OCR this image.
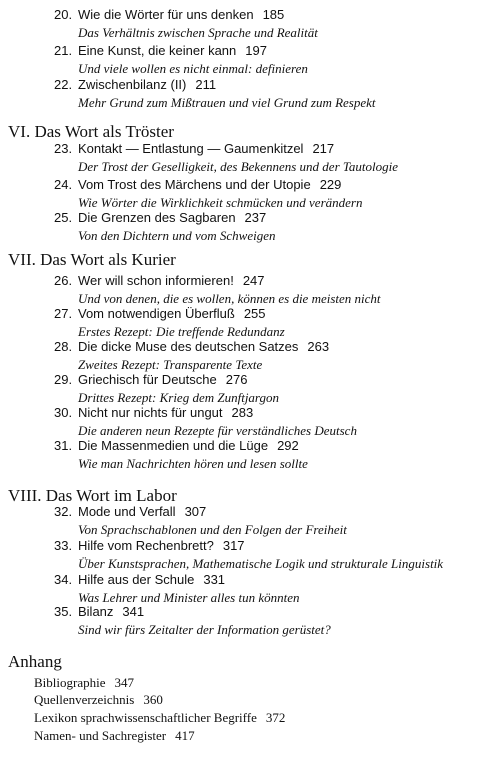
20. Wie die Wörter für uns denken 185
Das Verhältnis zwischen Sprache und Realität
21. Eine Kunst, die keiner kann 197
Und viele wollen es nicht einmal: definieren
22. Zwischenbilanz (II) 211
Mehr Grund zum Mißtrauen und viel Grund zum Respekt
VI. Das Wort als Tröster
23. Kontakt — Entlastung — Gaumenkitzel 217
Der Trost der Geselligkeit, des Bekennens und der Tautologie
24. Vom Trost des Märchens und der Utopie 229
Wie Wörter die Wirklichkeit schmücken und verändern
25. Die Grenzen des Sagbaren 237
Von den Dichtern und vom Schweigen
VII. Das Wort als Kurier
26. Wer will schon informieren! 247
Und von denen, die es wollen, können es die meisten nicht
27. Vom notwendigen Überfluß 255
Erstes Rezept: Die treffende Redundanz
28. Die dicke Muse des deutschen Satzes 263
Zweites Rezept: Transparente Texte
29. Griechisch für Deutsche 276
Drittes Rezept: Krieg dem Zunftjargon
30. Nicht nur nichts für ungut 283
Die anderen neun Rezepte für verständliches Deutsch
31. Die Massenmedien und die Lüge 292
Wie man Nachrichten hören und lesen sollte
VIII. Das Wort im Labor
32. Mode und Verfall 307
Von Sprachschablonen und den Folgen der Freiheit
33. Hilfe vom Rechenbrett? 317
Über Kunstsprachen, Mathematische Logik und strukturale Linguistik
34. Hilfe aus der Schule 331
Was Lehrer und Minister alles tun könnten
35. Bilanz 341
Sind wir fürs Zeitalter der Information gerüstet?
Anhang
Bibliographie 347
Quellenverzeichnis 360
Lexikon sprachwissenschaftlicher Begriffe 372
Namen- und Sachregister 417
